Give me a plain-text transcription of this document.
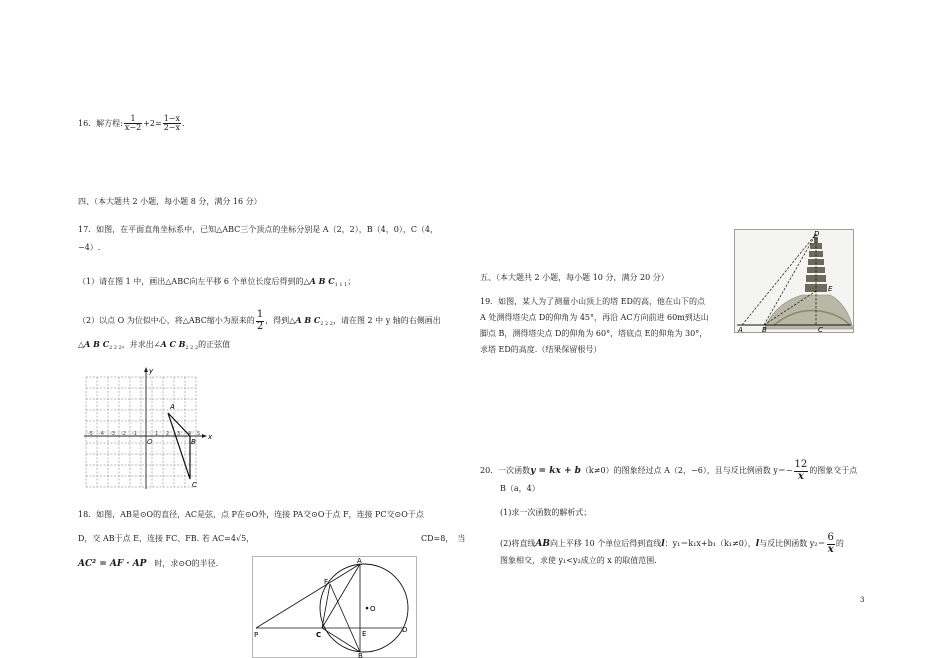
16．解方程: $\frac{1}{x-2} +2= \frac{1-x}{2-x}$ .
四、（本大题共 2 小题，每小题 8 分，满分 16 分）
17．如图，在平面直角坐标系中，已知△ABC三个顶点的坐标分别是 A（2，2），B（4，0），C（4，
−4）.
（1）请在图 1 中，画出△ABC向左平移 6 个单位长度后得到的△A B $C_{1 1 1}$；
（2）以点 O 为位似中心，将△ABC缩小为原来的 $\frac{1}{2}$ ，得到△A B $C_{2 2 2}$，请在图 2 中 y 轴的右侧画出
△A B $C_{2 2 2}$，并求出∠A C $B_{2 2 2}$的正弦值
x
y
-5 -4 -3 -2 -1
O
1 2 3 4 5
A
B
C
18．如图，AB是⊙O的直径，AC是弦，点 P在⊙O外，连接 PA交⊙O于点 F，连接 PC交⊙O于点
D，交 AB于点 E，连接 FC、FB. 若 AC=4√5，	CD=8，　当
AC² = AF · AP　时，求⊙O的半径.	A
F
O
P	C	E	D
B
五、（本大题共 2 小题，每小题 10 分，满分 20 分）
19．如图，某人为了测量小山顶上的塔 ED的高，他在山下的点
A 处测得塔尖点 D的仰角为 45°，再沿 AC方向前进 60m到达山
脚点 B，测得塔尖点 D的仰角为 60°，塔底点 E的仰角为 30°，
求塔 ED的高度.（结果保留根号）
D
E
A	B	C
20．一次函数y = kx + b（k≠0）的图象经过点 A（2，−6），且与反比例函数 $y=- \frac{12}{x}$ 的图象交于点
B（a，4）
(1)求一次函数的解析式；
(2)将直线AB向上平移 10 个单位后得到直线l：y₁＝k₁x+b₁（k₁≠0），l与反比例函数 $y_2= \frac{6}{x}$ 的
图象相交，求使 y₁<y₂成立的 x 的取值范围.
3
